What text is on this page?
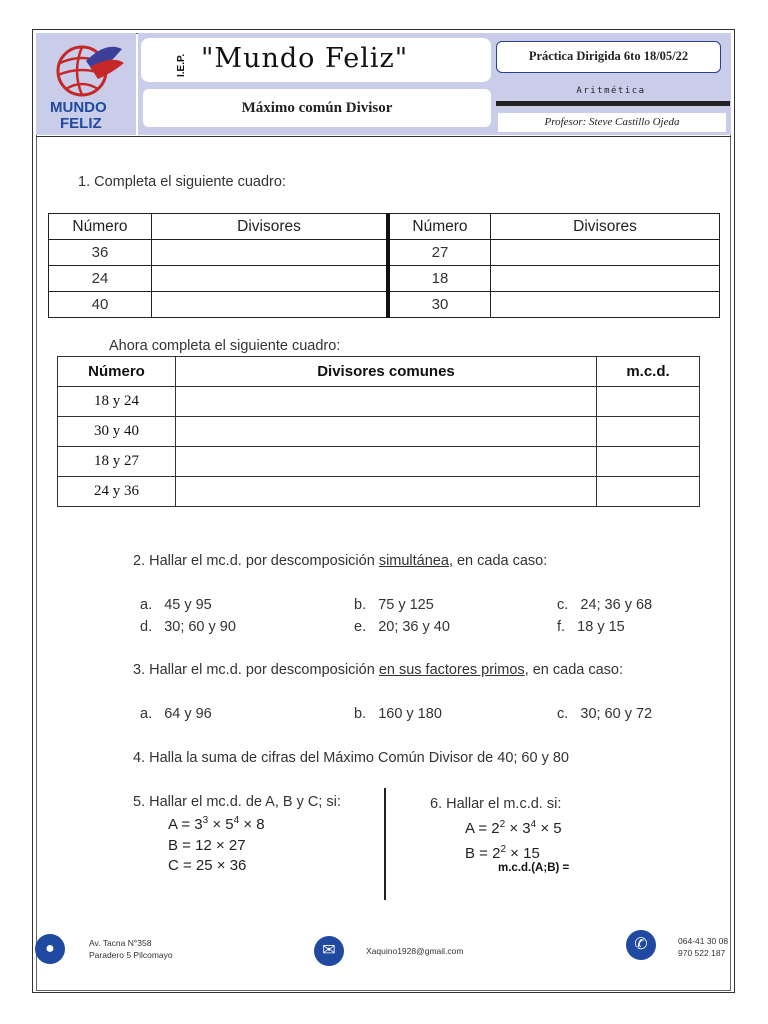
MUNDO
FELIZ
I.E.P. "Mundo Feliz"	Práctica Dirigida 6to 18/05/22
Máximo común Divisor
Aritmética
Profesor: Steve Castillo Ojeda
1. Completa el siguiente cuadro:
Número	Divisores	Número	Divisores
36		27	
24		18	
40		30	
Ahora completa el siguiente cuadro:
Número	Divisores comunes	m.c.d.
18 y 24		
30 y 40		
18 y 27		
24 y 36		
2. Hallar el mc.d. por descomposición simultánea, en cada caso:
a. 45 y 95	b. 75 y 125	c. 24; 36 y 68
d. 30; 60 y 90	e. 20; 36 y 40	f. 18 y 15
3. Hallar el mc.d. por descomposición en sus factores primos, en cada caso:
a. 64 y 96	b. 160 y 180	c. 30; 60 y 72
4. Halla la suma de cifras del Máximo Común Divisor de 40; 60 y 80
5. Hallar el mc.d. de A, B y C; si:
$A = 3^3 \times 5^4 \times 8$
B = 12 × 27
C = 25 × 36
6. Hallar el m.c.d. si:
$A = 2^2 \times 3^4 \times 5$
$B = 2^2 \times 15$
m.c.d.(A;B) =
●	Av. Tacna N°358
Paradero 5 Pilcomayo	✉	Xaquino1928@gmail.com	✆	064-41 30 08
970 522 187
